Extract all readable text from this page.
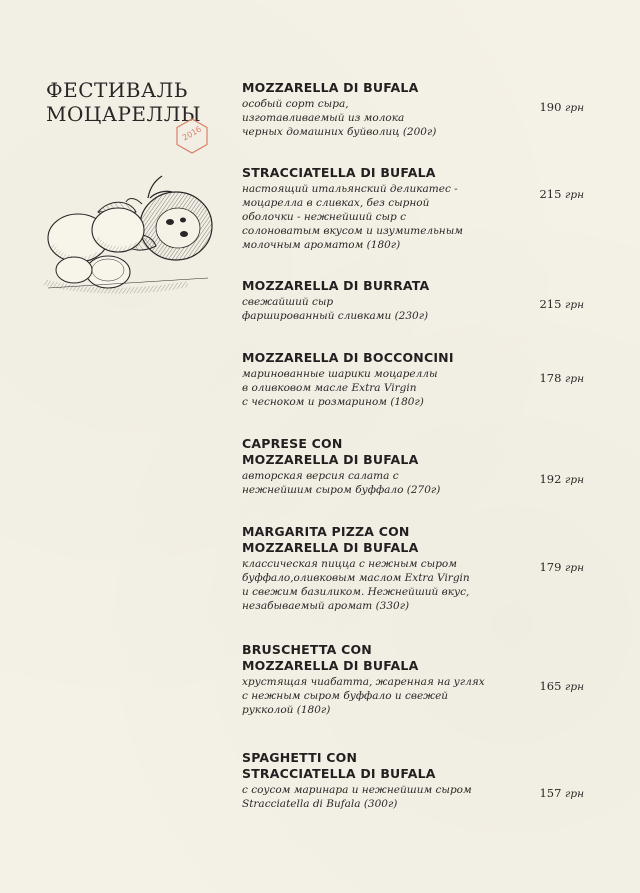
ФЕСТИВАЛЬ
МОЦАРЕЛЛЫ
2016
MOZZARELLA DI BUFALA
особый сорт сыра,
изготавливаемый из молока
черных домашних буйволиц (200г)
190 грн
STRACCIATELLA DI BUFALA
настоящий итальянский деликатес -
моцарелла в сливках, без сырной
оболочки - нежнейший сыр с
солоноватым вкусом и изумительным
молочным ароматом (180г)
215 грн
MOZZARELLA DI BURRATA
свежайший сыр
фаршированный сливками (230г)
215 грн
MOZZARELLA DI BOCCONCINI
маринованные шарики моцареллы
в оливковом масле Extra Virgin
с чесноком и розмарином (180г)
178 грн
CAPRESE CON
MOZZARELLA DI BUFALA
авторская версия салата с
нежнейшим сыром буффало (270г)
192 грн
MARGARITA PIZZA CON
MOZZARELLA DI BUFALA
классическая пицца с нежным сыром
буффало,оливковым маслом Extra Virgin
и свежим базиликом. Нежнейший вкус,
незабываемый аромат (330г)
179 грн
BRUSCHETTA CON
MOZZARELLA DI BUFALA
хрустящая чиабатта, жаренная на углях
с нежным сыром буффало и свежей
рукколой (180г)
165 грн
SPAGHETTI CON
STRACCIATELLA DI BUFALA
с соусом маринара и нежнейшим сыром
Stracciatella di Bufala (300г)
157 грн
